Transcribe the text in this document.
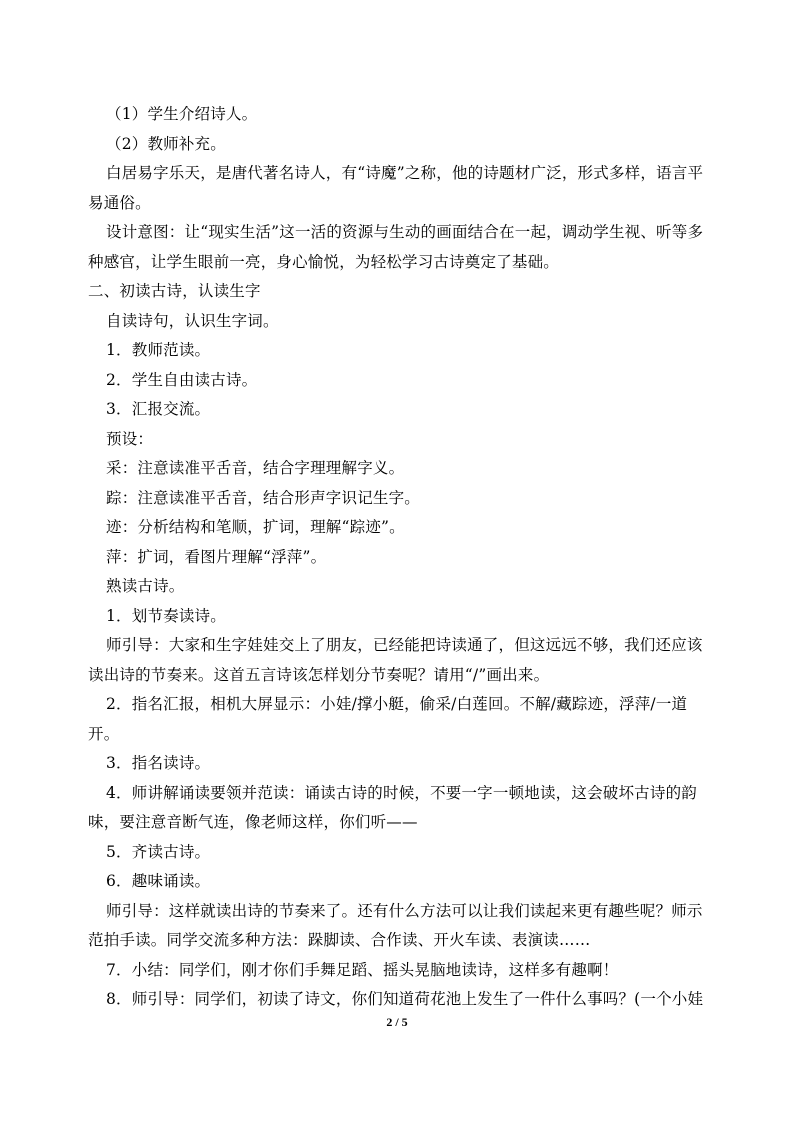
（1）学生介绍诗人。
（2）教师补充。
白居易字乐天，是唐代著名诗人，有“诗魔”之称，他的诗题材广泛，形式多样，语言平
易通俗。
设计意图：让“现实生活”这一活的资源与生动的画面结合在一起，调动学生视、听等多
种感官，让学生眼前一亮，身心愉悦，为轻松学习古诗奠定了基础。
二、初读古诗，认读生字
自读诗句，认识生字词。
1．教师范读。
2．学生自由读古诗。
3．汇报交流。
预设：
采：注意读准平舌音，结合字理理解字义。
踪：注意读准平舌音，结合形声字识记生字。
迹：分析结构和笔顺，扩词，理解“踪迹”。
萍：扩词，看图片理解“浮萍”。
熟读古诗。
1．划节奏读诗。
师引导：大家和生字娃娃交上了朋友，已经能把诗读通了，但这远远不够，我们还应该
读出诗的节奏来。这首五言诗该怎样划分节奏呢？请用“/”画出来。
2．指名汇报，相机大屏显示：小娃/撑小艇，偷采/白莲回。不解/藏踪迹，浮萍/一道
开。
3．指名读诗。
4．师讲解诵读要领并范读：诵读古诗的时候，不要一字一顿地读，这会破坏古诗的韵
味，要注意音断气连，像老师这样，你们听——
5．齐读古诗。
6．趣味诵读。
师引导：这样就读出诗的节奏来了。还有什么方法可以让我们读起来更有趣些呢？师示
范拍手读。同学交流多种方法：跺脚读、合作读、开火车读、表演读……
7．小结：同学们，刚才你们手舞足蹈、摇头晃脑地读诗，这样多有趣啊！
8．师引导：同学们，初读了诗文，你们知道荷花池上发生了一件什么事吗？(一个小娃
2 / 5
